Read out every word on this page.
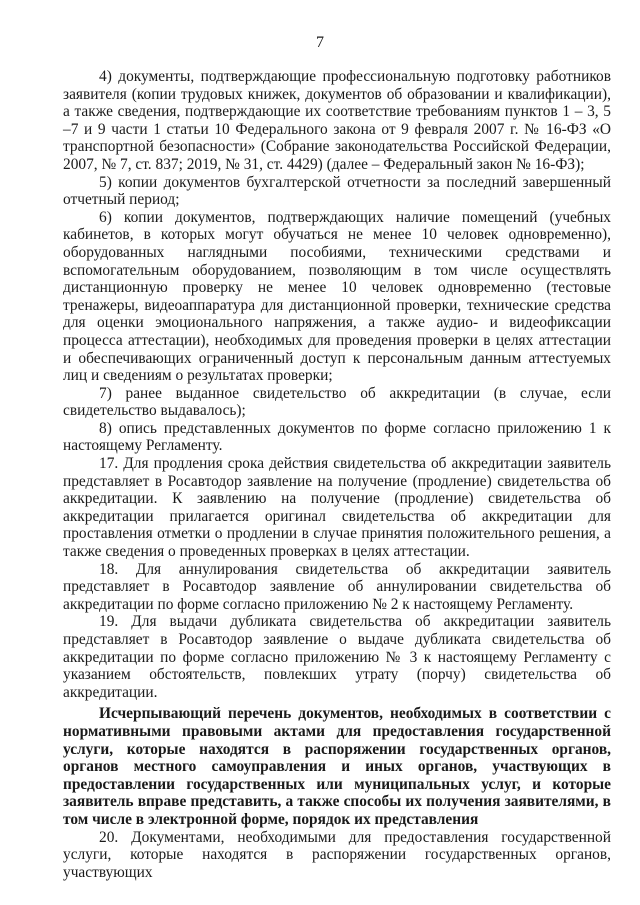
7

4) документы, подтверждающие профессиональную подготовку работников заявителя (копии трудовых книжек, документов об образовании и квалификации), а также сведения, подтверждающие их соответствие требованиям пунктов 1 – 3, 5 –7 и 9 части 1 статьи 10 Федерального закона от 9 февраля 2007 г. № 16-ФЗ «О транспортной безопасности» (Собрание законодательства Российской Федерации, 2007, № 7, ст. 837; 2019, № 31, ст. 4429) (далее – Федеральный закон № 16-ФЗ);

5) копии документов бухгалтерской отчетности за последний завершенный отчетный период;

6) копии документов, подтверждающих наличие помещений (учебных кабинетов, в которых могут обучаться не менее 10 человек одновременно), оборудованных наглядными пособиями, техническими средствами и вспомогательным оборудованием, позволяющим в том числе осуществлять дистанционную проверку не менее 10 человек одновременно (тестовые тренажеры, видеоаппаратура для дистанционной проверки, технические средства для оценки эмоционального напряжения, а также аудио- и видеофиксации процесса аттестации), необходимых для проведения проверки в целях аттестации и обеспечивающих ограниченный доступ к персональным данным аттестуемых лиц и сведениям о результатах проверки;

7) ранее выданное свидетельство об аккредитации (в случае, если свидетельство выдавалось);

8) опись представленных документов по форме согласно приложению 1 к настоящему Регламенту.

17. Для продления срока действия свидетельства об аккредитации заявитель представляет в Росавтодор заявление на получение (продление) свидетельства об аккредитации. К заявлению на получение (продление) свидетельства об аккредитации прилагается оригинал свидетельства об аккредитации для проставления отметки о продлении в случае принятия положительного решения, а также сведения о проведенных проверках в целях аттестации.

18. Для аннулирования свидетельства об аккредитации заявитель представляет в Росавтодор заявление об аннулировании свидетельства об аккредитации по форме согласно приложению № 2 к настоящему Регламенту.

19. Для выдачи дубликата свидетельства об аккредитации заявитель представляет в Росавтодор заявление о выдаче дубликата свидетельства об аккредитации по форме согласно приложению № 3 к настоящему Регламенту с указанием обстоятельств, повлекших утрату (порчу) свидетельства об аккредитации.

Исчерпывающий перечень документов, необходимых в соответствии с нормативными правовыми актами для предоставления государственной услуги, которые находятся в распоряжении государственных органов, органов местного самоуправления и иных органов, участвующих в предоставлении государственных или муниципальных услуг, и которые заявитель вправе представить, а также способы их получения заявителями, в том числе в электронной форме, порядок их представления

20. Документами, необходимыми для предоставления государственной услуги, которые находятся в распоряжении государственных органов, участвующих
